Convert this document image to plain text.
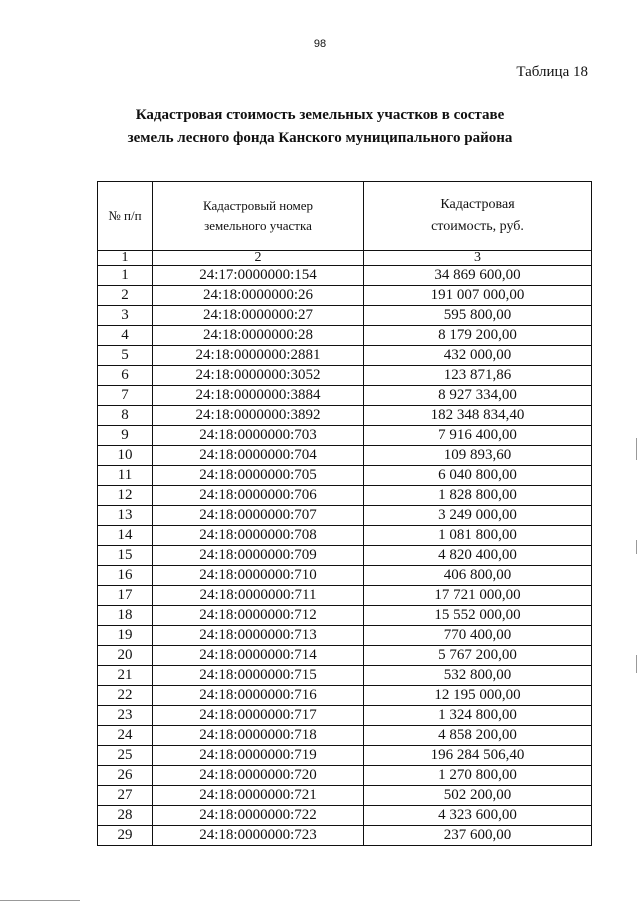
98
Таблица 18
Кадастровая стоимость земельных участков в составе
земель лесного фонда Канского муниципального района
№ п/п	Кадастровый номер земельного участка	Кадастровая стоимость, руб.
1	2	3
1	24:17:0000000:154	34 869 600,00
2	24:18:0000000:26	191 007 000,00
3	24:18:0000000:27	595 800,00
4	24:18:0000000:28	8 179 200,00
5	24:18:0000000:2881	432 000,00
6	24:18:0000000:3052	123 871,86
7	24:18:0000000:3884	8 927 334,00
8	24:18:0000000:3892	182 348 834,40
9	24:18:0000000:703	7 916 400,00
10	24:18:0000000:704	109 893,60
11	24:18:0000000:705	6 040 800,00
12	24:18:0000000:706	1 828 800,00
13	24:18:0000000:707	3 249 000,00
14	24:18:0000000:708	1 081 800,00
15	24:18:0000000:709	4 820 400,00
16	24:18:0000000:710	406 800,00
17	24:18:0000000:711	17 721 000,00
18	24:18:0000000:712	15 552 000,00
19	24:18:0000000:713	770 400,00
20	24:18:0000000:714	5 767 200,00
21	24:18:0000000:715	532 800,00
22	24:18:0000000:716	12 195 000,00
23	24:18:0000000:717	1 324 800,00
24	24:18:0000000:718	4 858 200,00
25	24:18:0000000:719	196 284 506,40
26	24:18:0000000:720	1 270 800,00
27	24:18:0000000:721	502 200,00
28	24:18:0000000:722	4 323 600,00
29	24:18:0000000:723	237 600,00
